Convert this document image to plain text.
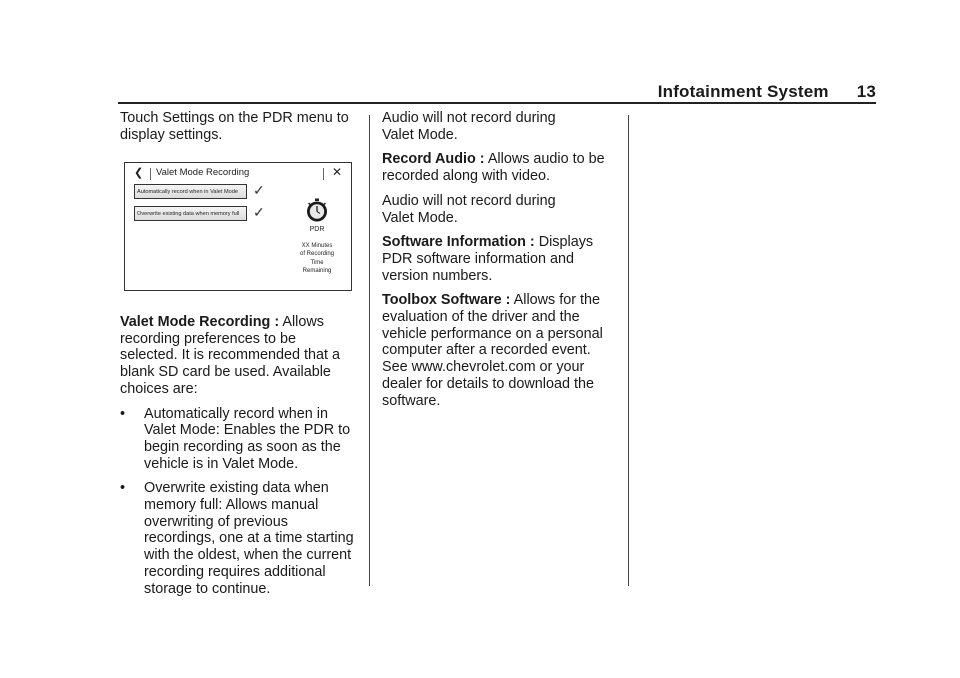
Infotainment System 13

Touch Settings on the PDR menu to
display settings.

❮ Valet Mode Recording	✕
Automatically record when in Valet Mode	✓
Overwrite existing data when memory full ✓
PDR
XX Minutes
of Recording
Time
Remaining

Valet Mode Recording : Allows
recording preferences to be
selected. It is recommended that a
blank SD card be used. Available
choices are:

• Automatically record when in
Valet Mode: Enables the PDR to
begin recording as soon as the
vehicle is in Valet Mode.
• Overwrite existing data when
memory full: Allows manual
overwriting of previous
recordings, one at a time starting
with the oldest, when the current
recording requires additional
storage to continue.

Audio will not record during
Valet Mode.

Record Audio : Allows audio to be
recorded along with video.

Audio will not record during
Valet Mode.

Software Information : Displays
PDR software information and
version numbers.

Toolbox Software : Allows for the
evaluation of the driver and the
vehicle performance on a personal
computer after a recorded event.
See www.chevrolet.com or your
dealer for details to download the
software.
